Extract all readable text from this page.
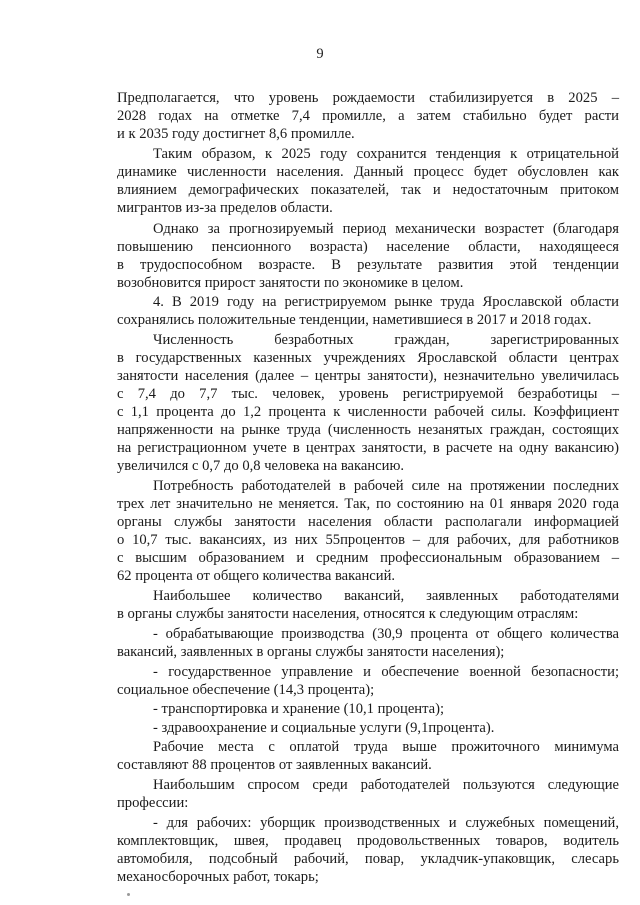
9
Предполагается, что уровень рождаемости стабилизируется в 2025 –
2028 годах на отметке 7,4 промилле, а затем стабильно будет расти
и к 2035 году достигнет 8,6 промилле.
Таким образом, к 2025 году сохранится тенденция к отрицательной
динамике численности населения. Данный процесс будет обусловлен как
влиянием демографических показателей, так и недостаточным притоком
мигрантов из-за пределов области.
Однако за прогнозируемый период механически возрастет (благодаря
повышению пенсионного возраста) население области, находящееся
в трудоспособном возрасте. В результате развития этой тенденции
возобновится прирост занятости по экономике в целом.
4. В 2019 году на регистрируемом рынке труда Ярославской области
сохранялись положительные тенденции, наметившиеся в 2017 и 2018 годах.
Численность безработных граждан, зарегистрированных
в государственных казенных учреждениях Ярославской области центрах
занятости населения (далее – центры занятости), незначительно увеличилась
с 7,4 до 7,7 тыс. человек, уровень регистрируемой безработицы –
с 1,1 процента до 1,2 процента к численности рабочей силы. Коэффициент
напряженности на рынке труда (численность незанятых граждан, состоящих
на регистрационном учете в центрах занятости, в расчете на одну вакансию)
увеличился с 0,7 до 0,8 человека на вакансию.
Потребность работодателей в рабочей силе на протяжении последних
трех лет значительно не меняется. Так, по состоянию на 01 января 2020 года
органы службы занятости населения области располагали информацией
о 10,7 тыс. вакансиях, из них 55процентов – для рабочих, для работников
с высшим образованием и средним профессиональным образованием –
62 процента от общего количества вакансий.
Наибольшее количество вакансий, заявленных работодателями
в органы службы занятости населения, относятся к следующим отраслям:
- обрабатывающие производства (30,9 процента от общего количества
вакансий, заявленных в органы службы занятости населения);
- государственное управление и обеспечение военной безопасности;
социальное обеспечение (14,3 процента);
- транспортировка и хранение (10,1 процента);
- здравоохранение и социальные услуги (9,1процента).
Рабочие места с оплатой труда выше прожиточного минимума
составляют 88 процентов от заявленных вакансий.
Наибольшим спросом среди работодателей пользуются следующие
профессии:
- для рабочих: уборщик производственных и служебных помещений,
комплектовщик, швея, продавец продовольственных товаров, водитель
автомобиля, подсобный рабочий, повар, укладчик-упаковщик, слесарь
механосборочных работ, токарь;
